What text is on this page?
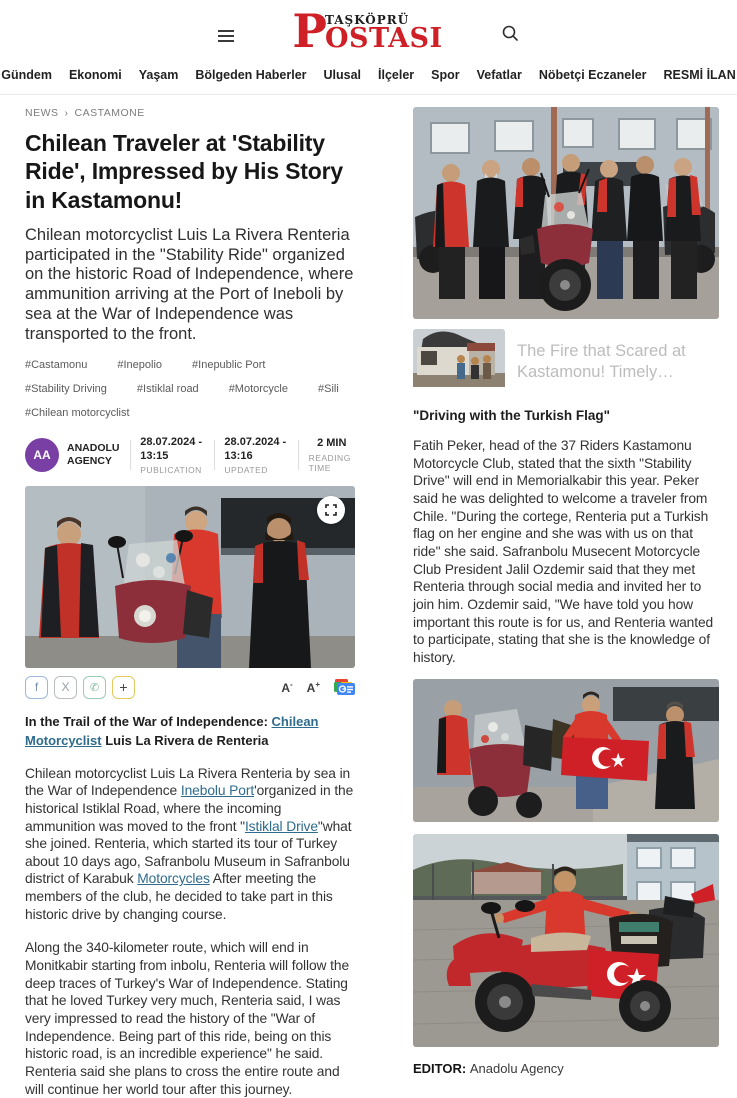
P
TAŞKÖPRÜ
OSTASI
Gündem Ekonomi Yaşam Bölgeden Haberler Ulusal İlçeler Spor Vefatlar Nöbetçi Eczaneler RESMİ İLAN
NEWS › CASTAMONE
Chilean Traveler at 'Stability Ride', Impressed by His Story in Kastamonu!

Chilean motorcyclist Luis La Rivera Renteria participated in the "Stability Ride" organized on the historic Road of Independence, where ammunition arriving at the Port of Ineboli by sea at the War of Independence was transported to the front.

#Castamonu	#Inepolio	#Inepublic Port
#Stability Driving	#Istiklal road	#Motorcycle	#Sili
#Chilean motorcyclist
AA
ANADOLU AGENCY
28.07.2024 - 13:15
PUBLICATION
28.07.2024 - 13:16
UPDATED
2 MIN
READING TIME
f	X	✆	+	A- A+
In the Trail of the War of Independence: Chilean Motorcyclist Luis La Rivera de Renteria

Chilean motorcyclist Luis La Rivera Renteria by sea in the War of Independence Inebolu Port'organized in the historical Istiklal Road, where the incoming ammunition was moved to the front "Istiklal Drive"what she joined. Renteria, which started its tour of Turkey about 10 days ago, Safranbolu Museum in Safranbolu district of Karabuk Motorcycles After meeting the members of the club, he decided to take part in this historic drive by changing course.

Along the 340-kilometer route, which will end in Monitkabir starting from inbolu, Renteria will follow the deep traces of Turkey's War of Independence. Stating that he loved Turkey very much, Renteria said, I was very impressed to read the history of the "War of Independence. Being part of this ride, being on this historic road, is an incredible experience" he said. Renteria said she plans to cross the entire route and will continue her world tour after this journey.

The Fire that Scared at Kastamonu! Timely…
"Driving with the Turkish Flag"

Fatih Peker, head of the 37 Riders Kastamonu Motorcycle Club, stated that the sixth "Stability Drive" will end in Memorialkabir this year. Peker said he was delighted to welcome a traveler from Chile. "During the cortege, Renteria put a Turkish flag on her engine and she was with us on that ride" she said. Safranbolu Musecent Motorcycle Club President Jalil Ozdemir said that they met Renteria through social media and invited her to join him. Ozdemir said, "We have told you how important this route is for us, and Renteria wanted to participate, stating that she is the knowledge of history.

EDITOR: Anadolu Agency
